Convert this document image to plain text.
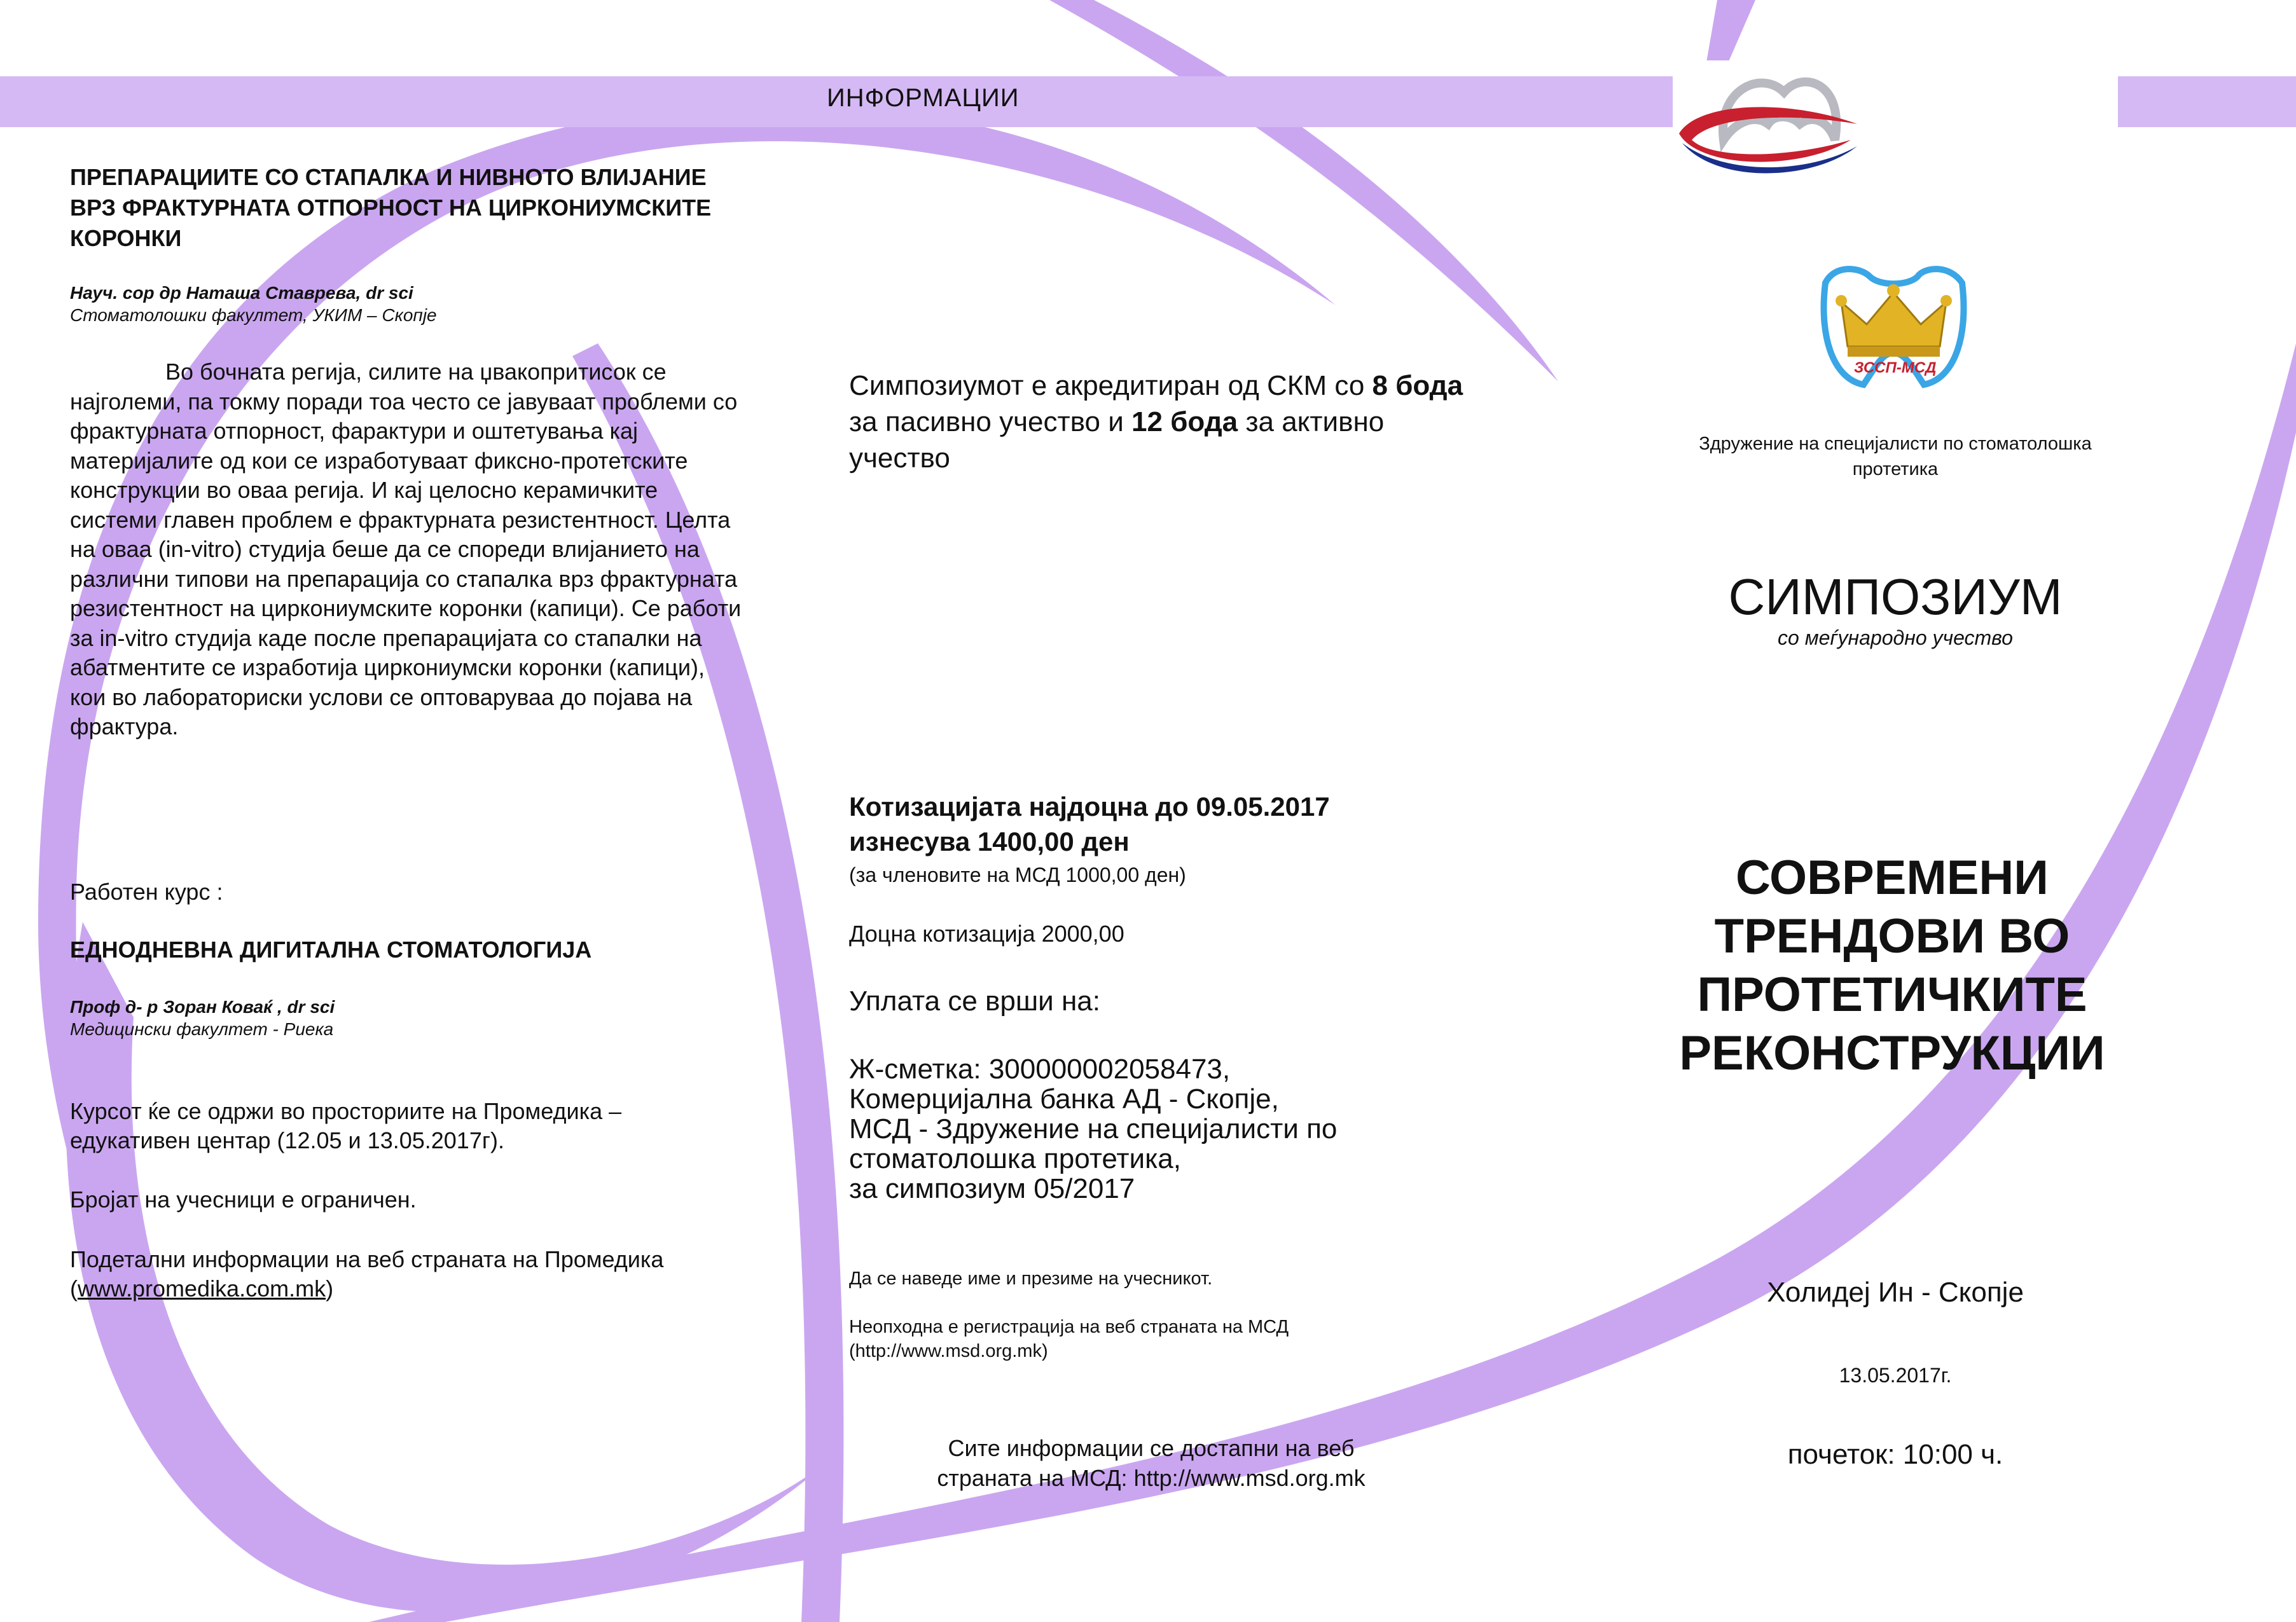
ИНФОРМАЦИИ
ЗССП-МСД
ПРЕПАРАЦИИТЕ СО СТАПАЛКА И НИВНОТО ВЛИЈАНИЕ ВРЗ ФРАКТУРНАТА ОТПОРНОСТ НА ЦИРКОНИУМСКИТЕ КОРОНКИ
Науч. сор др Наташа Ставрева, dr sci
Стоматолошки факултет, УКИМ – Скопје

Во бочната регија, силите на џвакопритисок се најголеми, па токму поради тоа често се јавуваат проблеми со фрактурната отпорност, фарактури и оштетувања кај материјалите од кои се изработуваат фиксно-протетските конструкции во оваа регија. И кај целосно керамичките системи главен проблем е фрактурната резистентност. Целта на оваа (in-vitro) студија беше да се спореди влијанието на различни типови на препарација со стапалка врз фрактурната резистентност на циркониумските коронки (капици). Се работи за in-vitro студија каде после препарацијата со стапалки на абатментите се изработија циркониумски коронки (капици), кои во лабораториски услови се оптоваруваа до појава на фрактура.

Работен курс :
ЕДНОДНЕВНА ДИГИТАЛНА СТОМАТОЛОГИЈА
Проф д- р Зоран Коваќ , dr sci
Медицински факултет - Риека
Курсот ќе се одржи во просториите на Промедика – едукативен центар (12.05 и 13.05.2017г).
Бројат на учесници е ограничен.
Подетални информации на веб страната на Промедика (www.promedika.com.mk)
Симпозиумот е акредитиран од СКМ со 8 бода за пасивно учество и 12 бода за активно учество
Котизацијата најдоцна до 09.05.2017
изнесува 1400,00 ден
(за членовите на МСД 1000,00 ден)
Доцна котизација 2000,00
Уплата се врши на:
Ж-сметка: 300000002058473,
Комерцијална банка АД - Скопје,
МСД - Здружение на специјалисти по
стоматолошка протетика,
за симпозиум 05/2017
Да се наведе име и презиме на учесникот.
Неопходна е регистрација на веб страната на МСД (http://www.msd.org.mk)
Сите информации се достапни на веб
страната на МСД: http://www.msd.org.mk
Здружение на специјалисти по стоматолошка протетика
СИМПОЗИУМ
со меѓународно учество
СОВРЕМЕНИ
ТРЕНДОВИ ВО
ПРОТЕТИЧКИТЕ
РЕКОНСТРУКЦИИ
Холидеј Ин - Скопје
13.05.2017г.
почеток: 10:00 ч.
